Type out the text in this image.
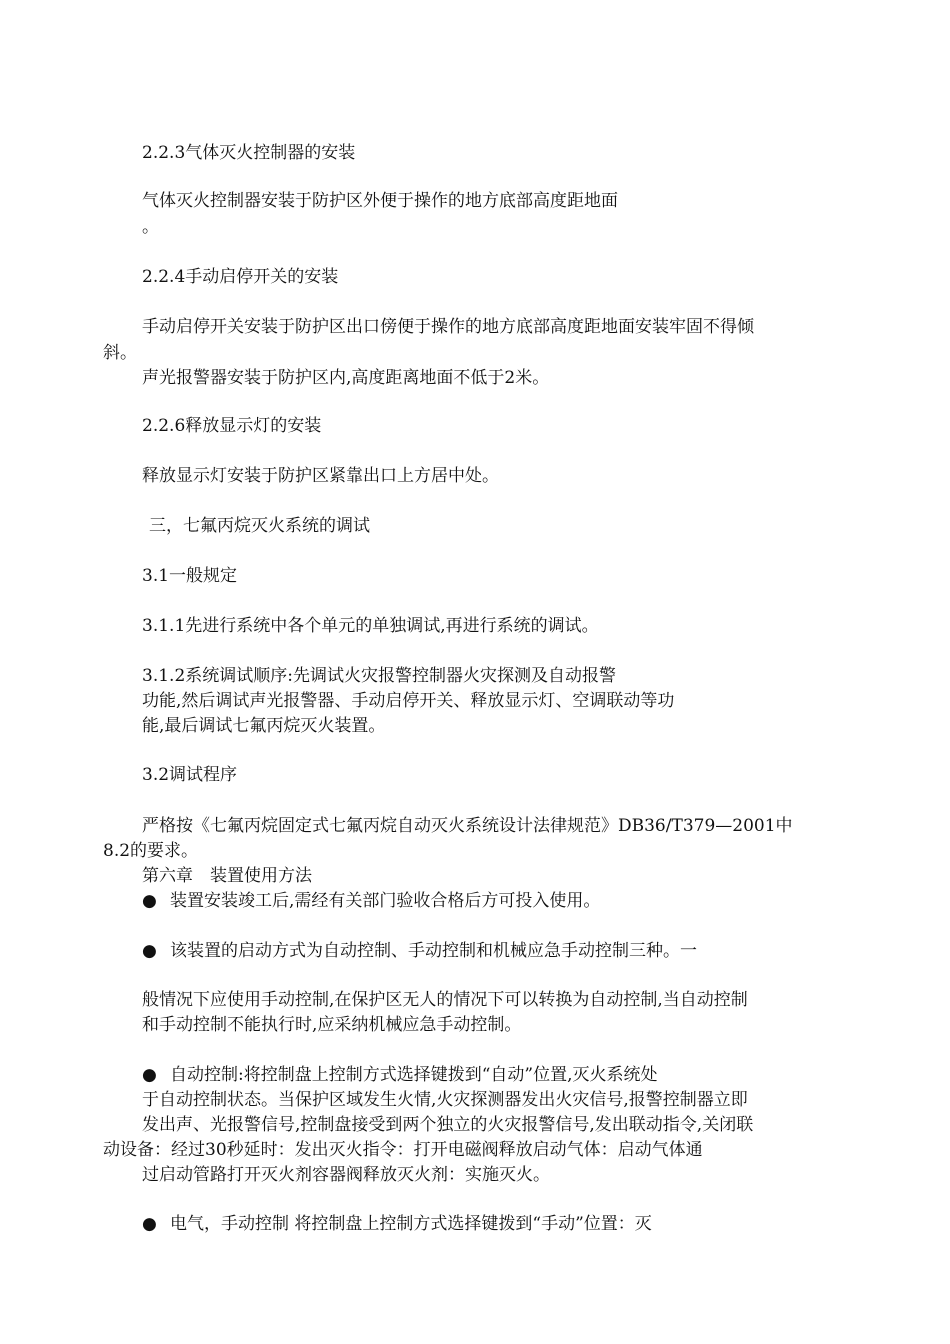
2.2.3气体灭火控制器的安装
气体灭火控制器安装于防护区外便于操作的地方底部高度距地面
。
2.2.4手动启停开关的安装
手动启停开关安装于防护区出口傍便于操作的地方底部高度距地面安装牢固不得倾
斜。
声光报警器安装于防护区内,高度距离地面不低于2米。
2.2.6释放显示灯的安装
释放显示灯安装于防护区紧靠出口上方居中处。
三，七氟丙烷灭火系统的调试
3.1一般规定
3.1.1先进行系统中各个单元的单独调试,再进行系统的调试。
3.1.2系统调试顺序:先调试火灾报警控制器火灾探测及自动报警
功能,然后调试声光报警器、手动启停开关、释放显示灯、空调联动等功
能,最后调试七氟丙烷灭火装置。
3.2调试程序
严格按《七氟丙烷固定式七氟丙烷自动灭火系统设计法律规范》DB36/T379—2001中
8.2的要求。
第六章　装置使用方法
● 装置安装竣工后,需经有关部门验收合格后方可投入使用。
● 该装置的启动方式为自动控制、手动控制和机械应急手动控制三种。一
般情况下应使用手动控制,在保护区无人的情况下可以转换为自动控制,当自动控制
和手动控制不能执行时,应采纳机械应急手动控制。
● 自动控制:将控制盘上控制方式选择键拨到“自动”位置,灭火系统处
于自动控制状态。当保护区域发生火情,火灾探测器发出火灾信号,报警控制器立即
发出声、光报警信号,控制盘接受到两个独立的火灾报警信号,发出联动指令,关闭联
动设备：经过30秒延时：发出灭火指令：打开电磁阀释放启动气体：启动气体通
过启动管路打开灭火剂容器阀释放灭火剂：实施灭火。
● 电气，手动控制 将控制盘上控制方式选择键拨到“手动”位置：灭
